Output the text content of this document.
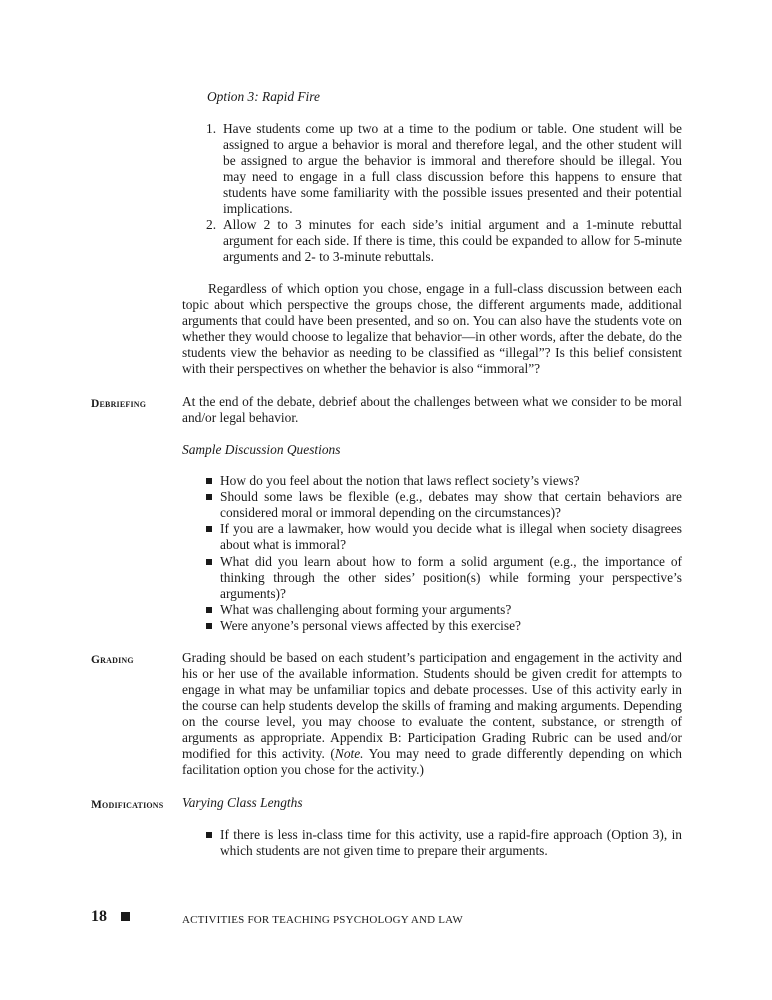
Option 3: Rapid Fire
1. Have students come up two at a time to the podium or table. One student will be assigned to argue a behavior is moral and therefore legal, and the other student will be assigned to argue the behavior is immoral and therefore should be illegal. You may need to engage in a full class discussion before this happens to ensure that students have some familiarity with the possible issues presented and their potential implications.
2. Allow 2 to 3 minutes for each side’s initial argument and a 1-minute rebuttal argument for each side. If there is time, this could be expanded to allow for 5-minute arguments and 2- to 3-minute rebuttals.
Regardless of which option you chose, engage in a full-class discussion between each topic about which perspective the groups chose, the different arguments made, additional arguments that could have been presented, and so on. You can also have the students vote on whether they would choose to legalize that behavior—in other words, after the debate, do the students view the behavior as needing to be classified as “illegal”? Is this belief consistent with their perspectives on whether the behavior is also “immoral”?
Debriefing	At the end of the debate, debrief about the challenges between what we consider to be moral and/or legal behavior.
Sample Discussion Questions
How do you feel about the notion that laws reflect society’s views?
Should some laws be flexible (e.g., debates may show that certain behaviors are considered moral or immoral depending on the circumstances)?
If you are a lawmaker, how would you decide what is illegal when society disagrees about what is immoral?
What did you learn about how to form a solid argument (e.g., the importance of thinking through the other sides’ position(s) while forming your perspective’s arguments)?
What was challenging about forming your arguments?
Were anyone’s personal views affected by this exercise?
Grading	Grading should be based on each student’s participation and engagement in the activity and his or her use of the available information. Students should be given credit for attempts to engage in what may be unfamiliar topics and debate processes. Use of this activity early in the course can help students develop the skills of framing and making arguments. Depending on the course level, you may choose to evaluate the content, substance, or strength of arguments as appropriate. Appendix B: Participation Grading Rubric can be used and/or modified for this activity. (Note. You may need to grade differently depending on which facilitation option you chose for the activity.)
Modifications Varying Class Lengths
If there is less in-class time for this activity, use a rapid-fire approach (Option 3), in which students are not given time to prepare their arguments.
18	ACTIVITIES FOR TEACHING PSYCHOLOGY AND LAW
